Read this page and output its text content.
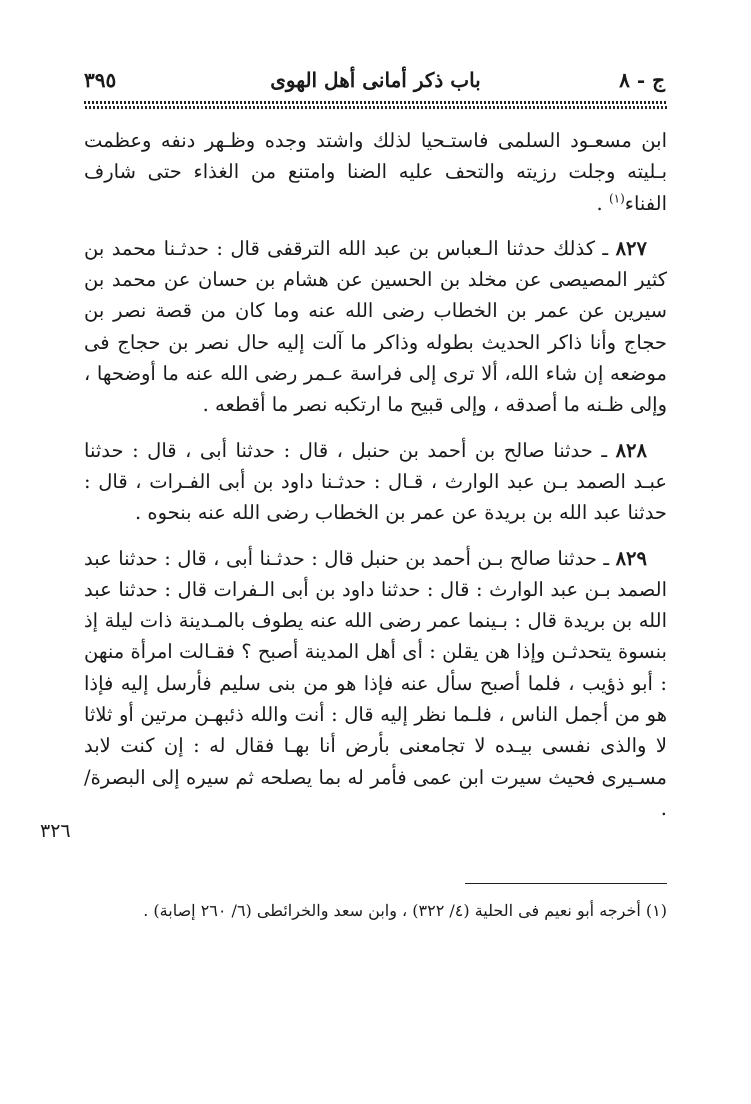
ج - ٨
باب ذكر أمانى أهل الهوى
٣٩٥

ابن مسعـود السلمى فاستـحيا لذلك واشتد وجده وظـهر دنفه وعظمت بـليته وجلت رزيته والتحف عليه الضنا وامتنع من الغذاء حتى شارف الفناء$^{(١)}$ .

٨٢٧ ـ كذلك حدثنا الـعباس بن عبد الله الترقفى قال : حدثـنا محمد بن كثير المصيصى عن مخلد بن الحسين عن هشام بن حسان عن محمد بن سيرين عن عمر بن الخطاب رضى الله عنه وما كان من قصة نصر بن حجاج وأنا ذاكر الحديث بطوله وذاكر ما آلت إليه حال نصر بن حجاج فى موضعه إن شاء الله، ألا ترى إلى فراسة عـمر رضى الله عنه ما أوضحها ، وإلى ظـنه ما أصدقه ، وإلى قبيح ما ارتكبه نصر ما أقطعه .

٨٢٨ ـ حدثنا صالح بن أحمد بن حنبل ، قال : حدثنا أبى ، قال : حدثنا عبـد الصمد بـن عبد الوارث ، قـال : حدثـنا داود بن أبى الفـرات ، قال : حدثنا عبد الله بن بريدة عن عمر بن الخطاب رضى الله عنه بنحوه .

٨٢٩ ـ حدثنا صالح بـن أحمد بن حنبل قال : حدثـنا أبى ، قال : حدثنا عبد الصمد بـن عبد الوارث : قال : حدثنا داود بن أبى الـفرات قال : حدثنا عبد الله بن بريدة قال : بـينما عمر رضى الله عنه يطوف بالمـدينة ذات ليلة إذ بنسوة يتحدثـن وإذا هن يقلن : أى أهل المدينة أصبح ؟ فقـالت امرأة منهن : أبو ذؤيب ، فلما أصبح سأل عنه فإذا هو من بنى سليم فأرسل إليه فإذا هو من أجمل الناس ، فلـما نظر إليه قال : أنت والله ذئبهـن مرتين أو ثلاثا لا والذى نفسى بيـده لا تجامعنى بأرض أنا بهـا فقال له : إن كنت لابد مسـيرى فحيث سيرت ابن عمى فأمر له بما يصلحه ثم سيره إلى البصرة/ .

٣٢٦
(١) أخرجه أبو نعيم فى الحلية (٤/ ٣٢٢) ، وابن سعد والخرائطى (٦/ ٢٦٠ إصابة) .
